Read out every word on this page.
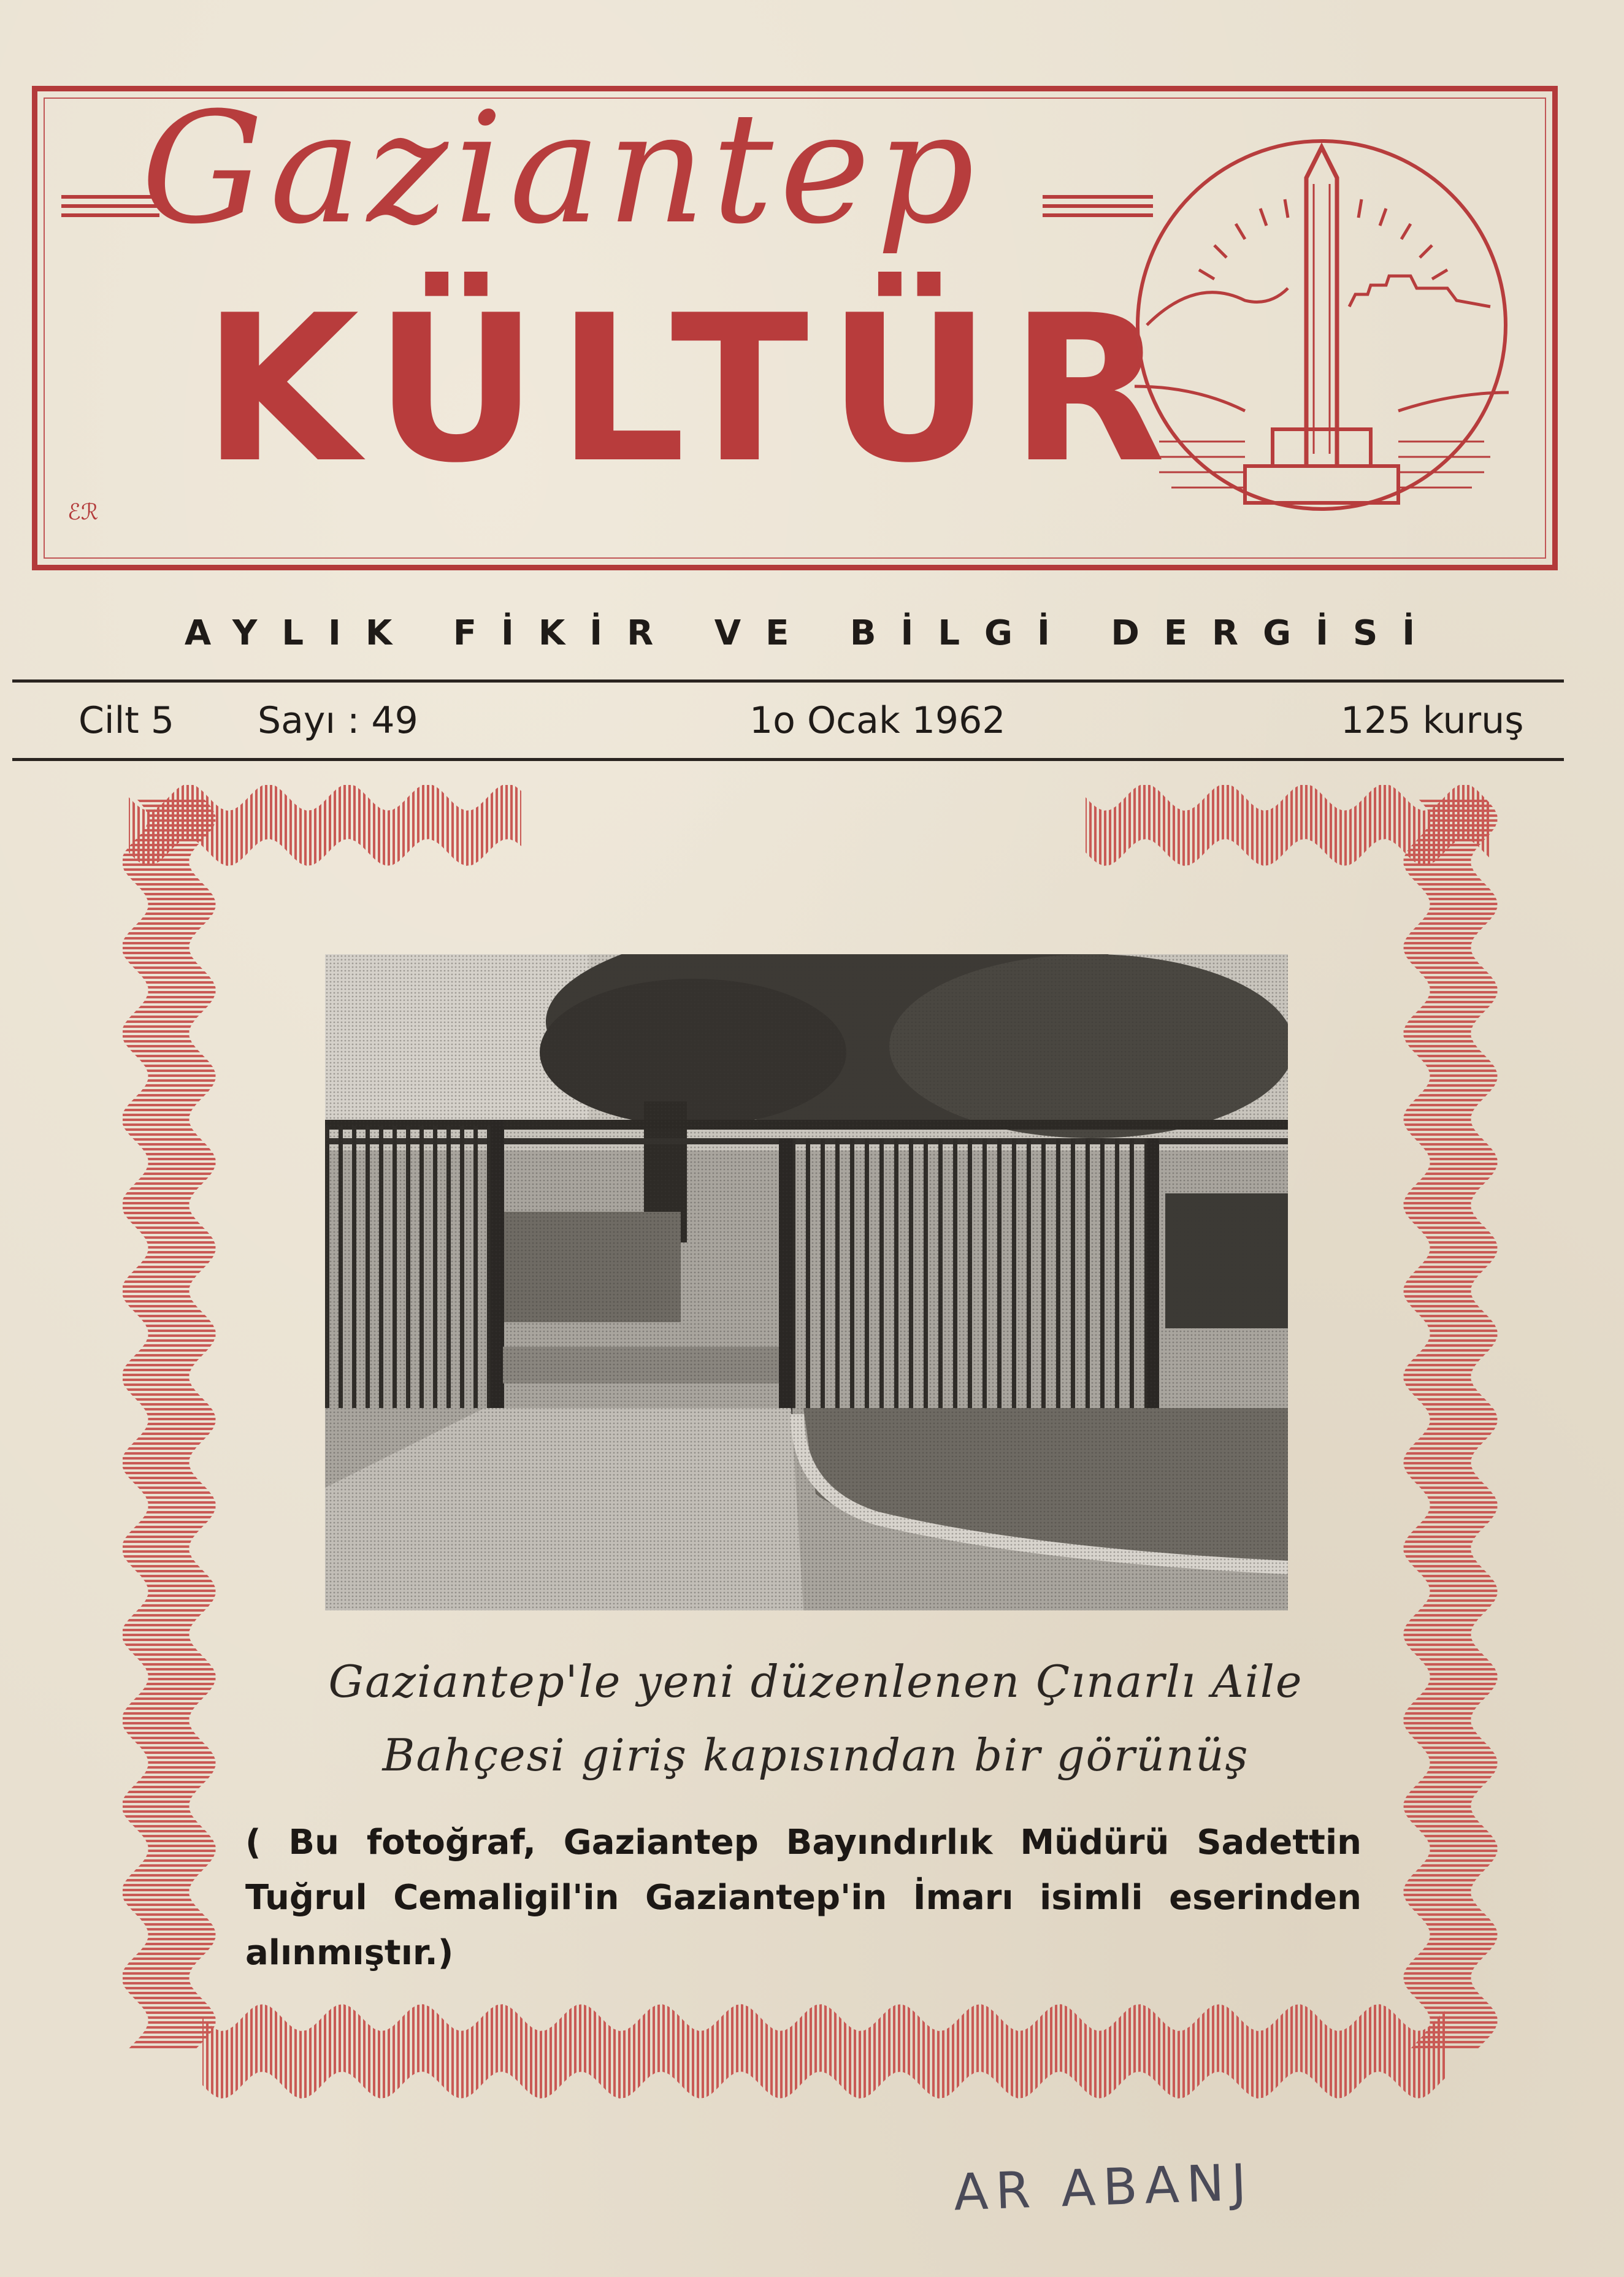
Gaziantep
KÜLTÜR
ℰℛ
AYLIK FİKİR VE BİLGİ DERGİSİ
Cilt 5 Sayı : 49	1o Ocak 1962	125 kuruş
Gaziantep'le yeni düzenlenen Çınarlı Aile
Bahçesi giriş kapısından bir görünüş
( Bu fotoğraf, Gaziantep Bayındırlık Müdürü Sadettin Tuğrul Cemaligil'in Gaziantep'in İmarı isimli eserinden alınmıştır.)
AR ABANJ
